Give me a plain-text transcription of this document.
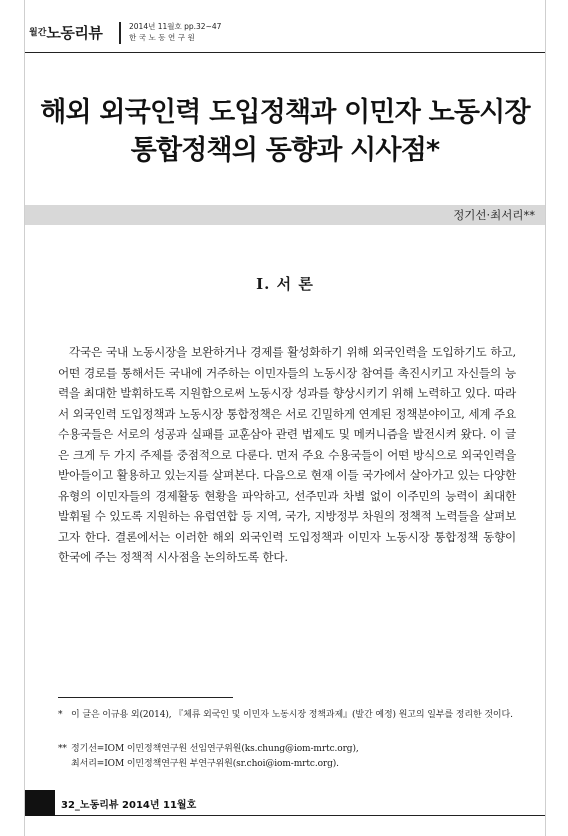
월간노동리뷰	2014년 11월호 pp.32~47
한국노동연구원
해외 외국인력 도입정책과 이민자 노동시장
통합정책의 동향과 시사점*
정기선·최서리**
Ⅰ. 서 론
각국은 국내 노동시장을 보완하거나 경제를 활성화하기 위해 외국인력을 도입하기도 하고, 어떤 경로를 통해서든 국내에 거주하는 이민자들의 노동시장 참여를 촉진시키고 자신들의 능력을 최대한 발휘하도록 지원함으로써 노동시장 성과를 향상시키기 위해 노력하고 있다. 따라서 외국인력 도입정책과 노동시장 통합정책은 서로 긴밀하게 연계된 정책분야이고, 세계 주요 수용국들은 서로의 성공과 실패를 교훈삼아 관련 법제도 및 메커니즘을 발전시켜 왔다. 이 글은 크게 두 가지 주제를 중점적으로 다룬다. 먼저 주요 수용국들이 어떤 방식으로 외국인력을 받아들이고 활용하고 있는지를 살펴본다. 다음으로 현재 이들 국가에서 살아가고 있는 다양한 유형의 이민자들의 경제활동 현황을 파악하고, 선주민과 차별 없이 이주민의 능력이 최대한 발휘될 수 있도록 지원하는 유럽연합 등 지역, 국가, 지방정부 차원의 정책적 노력들을 살펴보고자 한다. 결론에서는 이러한 해외 외국인력 도입정책과 이민자 노동시장 통합정책 동향이 한국에 주는 정책적 시사점을 논의하도록 한다.
* 이 글은 이규용 외(2014), 『체류 외국인 및 이민자 노동시장 정책과제』(발간 예정) 원고의 일부를 정리한 것이다.
** 정기선=IOM 이민정책연구원 선임연구위원(ks.chung@iom-mrtc.org),
최서리=IOM 이민정책연구원 부연구위원(sr.choi@iom-mrtc.org).
32_노동리뷰 2014년 11월호
